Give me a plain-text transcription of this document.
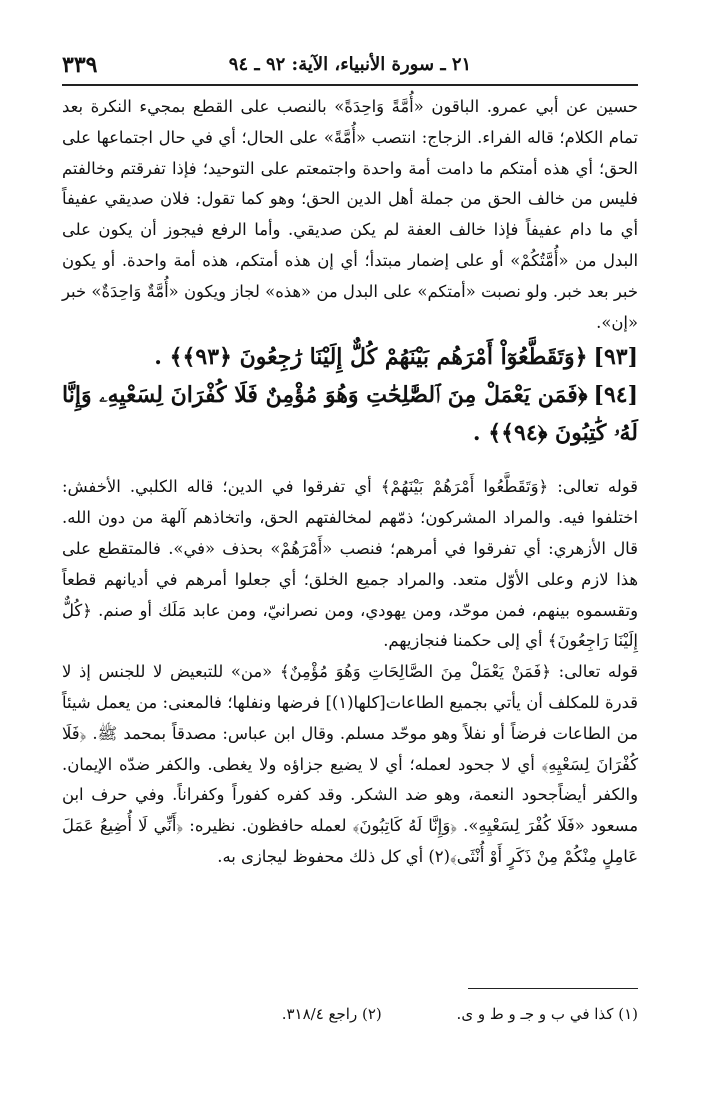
٣٣٩	٢١ ـ سورة الأنبياء، الآية: ٩٢ ـ ٩٤

حسين عن أبي عمرو. الباقون «أُمَّةً وَاحِدَةً» بالنصب على القطع بمجيء النكرة بعد تمام الكلام؛ قاله الفراء. الزجاج: انتصب «أُمَّةً» على الحال؛ أي في حال اجتماعها على الحق؛ أي هذه أمتكم ما دامت أمة واحدة واجتمعتم على التوحيد؛ فإذا تفرقتم وخالفتم فليس من خالف الحق من جملة أهل الدين الحق؛ وهو كما تقول: فلان صديقي عفيفاً أي ما دام عفيفاً فإذا خالف العفة لم يكن صديقي. وأما الرفع فيجوز أن يكون على البدل من «أُمَّتُكُمْ» أو على إضمار مبتدأ؛ أي إن هذه أمتكم، هذه أمة واحدة. أو يكون خبر بعد خبر. ولو نصبت «أمتكم» على البدل من «هذه» لجاز ويكون «أُمَّةٌ وَاحِدَةٌ» خبر «إن».

[٩٣]﴿وَتَقَطَّعُوٓاْ أَمْرَهُم بَيْنَهُمْ كُلٌّ إِلَيْنَا رَٰجِعُونَ ﴿٩٣﴾﴾ .

[٩٤]﴿فَمَن يَعْمَلْ مِنَ ٱلصَّٰلِحَٰتِ وَهُوَ مُؤْمِنٌ فَلَا كُفْرَانَ لِسَعْيِهِۦ وَإِنَّا لَهُۥ كَٰتِبُونَ ﴿٩٤﴾﴾ .

قوله تعالى: ﴿وَتَقَطَّعُوا أَمْرَهُمْ بَيْنَهُمْ﴾ أي تفرقوا في الدين؛ قاله الكلبي. الأخفش: اختلفوا فيه. والمراد المشركون؛ ذمّهم لمخالفتهم الحق، واتخاذهم آلهة من دون الله. قال الأزهري: أي تفرقوا في أمرهم؛ فنصب «أَمْرَهُمْ» بحذف «في». فالمتقطع على هذا لازم وعلى الأوّل متعد. والمراد جميع الخلق؛ أي جعلوا أمرهم في أديانهم قطعاً وتقسموه بينهم، فمن موحّد، ومن يهودي، ومن نصرانيّ، ومن عابد مَلَك أو صنم. ﴿كُلٌّ إِلَيْنَا رَاجِعُونَ﴾ أي إلى حكمنا فنجازيهم.

قوله تعالى: ﴿فَمَنْ يَعْمَلْ مِنَ الصَّالِحَاتِ وَهُوَ مُؤْمِنٌ﴾ «من» للتبعيض لا للجنس إذ لا قدرة للمكلف أن يأتي بجميع الطاعات[كلها(١)] فرضها ونفلها؛ فالمعنى: من يعمل شيئاً من الطاعات فرضاً أو نفلاً وهو موحّد مسلم. وقال ابن عباس: مصدقاً بمحمد ﷺ. ﴿فَلَا كُفْرَانَ لِسَعْيِهِ﴾ أي لا جحود لعمله؛ أي لا يضيع جزاؤه ولا يغطى. والكفر ضدّه الإيمان. والكفر أيضاًجحود النعمة، وهو ضد الشكر. وقد كفره كفوراً وكفراناً. وفي حرف ابن مسعود «فَلَا كُفْرَ لِسَعْيِهِ». ﴿وَإِنَّا لَهُ كَاتِبُونَ﴾ لعمله حافظون. نظيره: ﴿أَنِّي لَا أُضِيعُ عَمَلَ عَامِلٍ مِنْكُمْ مِنْ ذَكَرٍ أَوْ أُنْثَى﴾(٢) أي كل ذلك محفوظ ليجازى به.

(١) كذا في ب و جـ و ط و ى. (٢) راجع ٣١٨/٤.
